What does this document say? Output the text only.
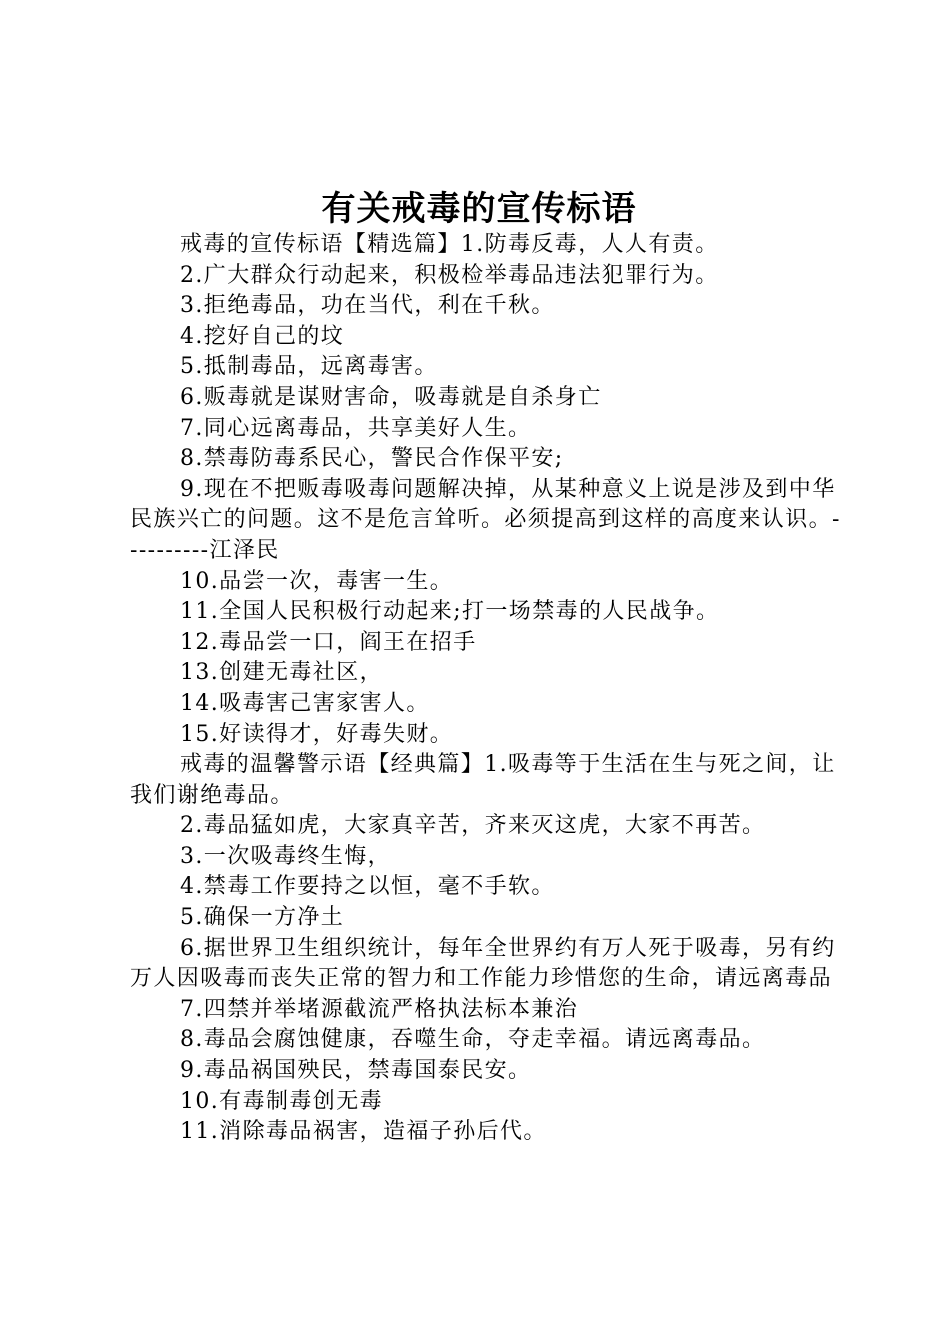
有关戒毒的宣传标语

戒毒的宣传标语【精选篇】1.防毒反毒，人人有责。

2.广大群众行动起来，积极检举毒品违法犯罪行为。

3.拒绝毒品，功在当代，利在千秋。

4.挖好自己的坟

5.抵制毒品，远离毒害。

6.贩毒就是谋财害命，吸毒就是自杀身亡

7.同心远离毒品，共享美好人生。

8.禁毒防毒系民心，警民合作保平安;

9.现在不把贩毒吸毒问题解决掉，从某种意义上说是涉及到中华民族兴亡的问题。这不是危言耸听。必须提高到这样的高度来认识。----------江泽民

10.品尝一次，毒害一生。

11.全国人民积极行动起来;打一场禁毒的人民战争。

12.毒品尝一口，阎王在招手

13.创建无毒社区，

14.吸毒害己害家害人。

15.好读得才，好毒失财。

戒毒的温馨警示语【经典篇】1.吸毒等于生活在生与死之间，让我们谢绝毒品。

2.毒品猛如虎，大家真辛苦，齐来灭这虎，大家不再苦。

3.一次吸毒终生悔，

4.禁毒工作要持之以恒，毫不手软。

5.确保一方净土

6.据世界卫生组织统计，每年全世界约有万人死于吸毒，另有约万人因吸毒而丧失正常的智力和工作能力珍惜您的生命，请远离毒品

7.四禁并举堵源截流严格执法标本兼治

8.毒品会腐蚀健康，吞噬生命，夺走幸福。请远离毒品。

9.毒品祸国殃民，禁毒国泰民安。

10.有毒制毒创无毒

11.消除毒品祸害，造福子孙后代。
